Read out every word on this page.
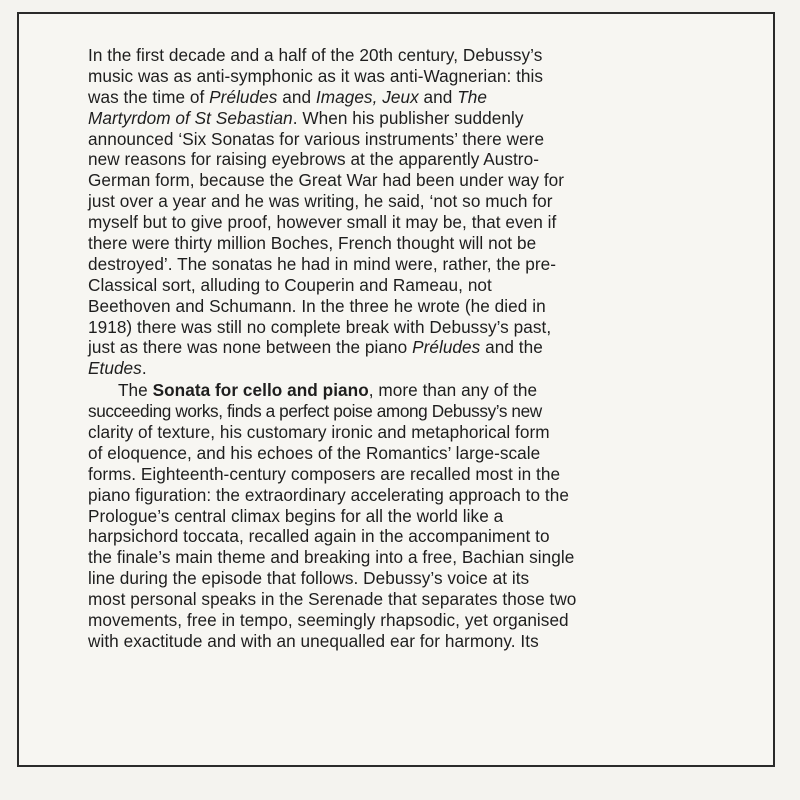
In the first decade and a half of the 20th century, Debussy’s
music was as anti-symphonic as it was anti-Wagnerian: this
was the time of Préludes and Images, Jeux and The
Martyrdom of St Sebastian. When his publisher suddenly
announced ‘Six Sonatas for various instruments’ there were
new reasons for raising eyebrows at the apparently Austro-
German form, because the Great War had been under way for
just over a year and he was writing, he said, ‘not so much for
myself but to give proof, however small it may be, that even if
there were thirty million Boches, French thought will not be
destroyed’. The sonatas he had in mind were, rather, the pre-
Classical sort, alluding to Couperin and Rameau, not
Beethoven and Schumann. In the three he wrote (he died in
1918) there was still no complete break with Debussy’s past,
just as there was none between the piano Préludes and the
Etudes.
The Sonata for cello and piano, more than any of the
succeeding works, finds a perfect poise among Debussy’s new
clarity of texture, his customary ironic and metaphorical form
of eloquence, and his echoes of the Romantics’ large-scale
forms. Eighteenth-century composers are recalled most in the
piano figuration: the extraordinary accelerating approach to the
Prologue’s central climax begins for all the world like a
harpsichord toccata, recalled again in the accompaniment to
the finale’s main theme and breaking into a free, Bachian single
line during the episode that follows. Debussy’s voice at its
most personal speaks in the Serenade that separates those two
movements, free in tempo, seemingly rhapsodic, yet organised
with exactitude and with an unequalled ear for harmony. Its
